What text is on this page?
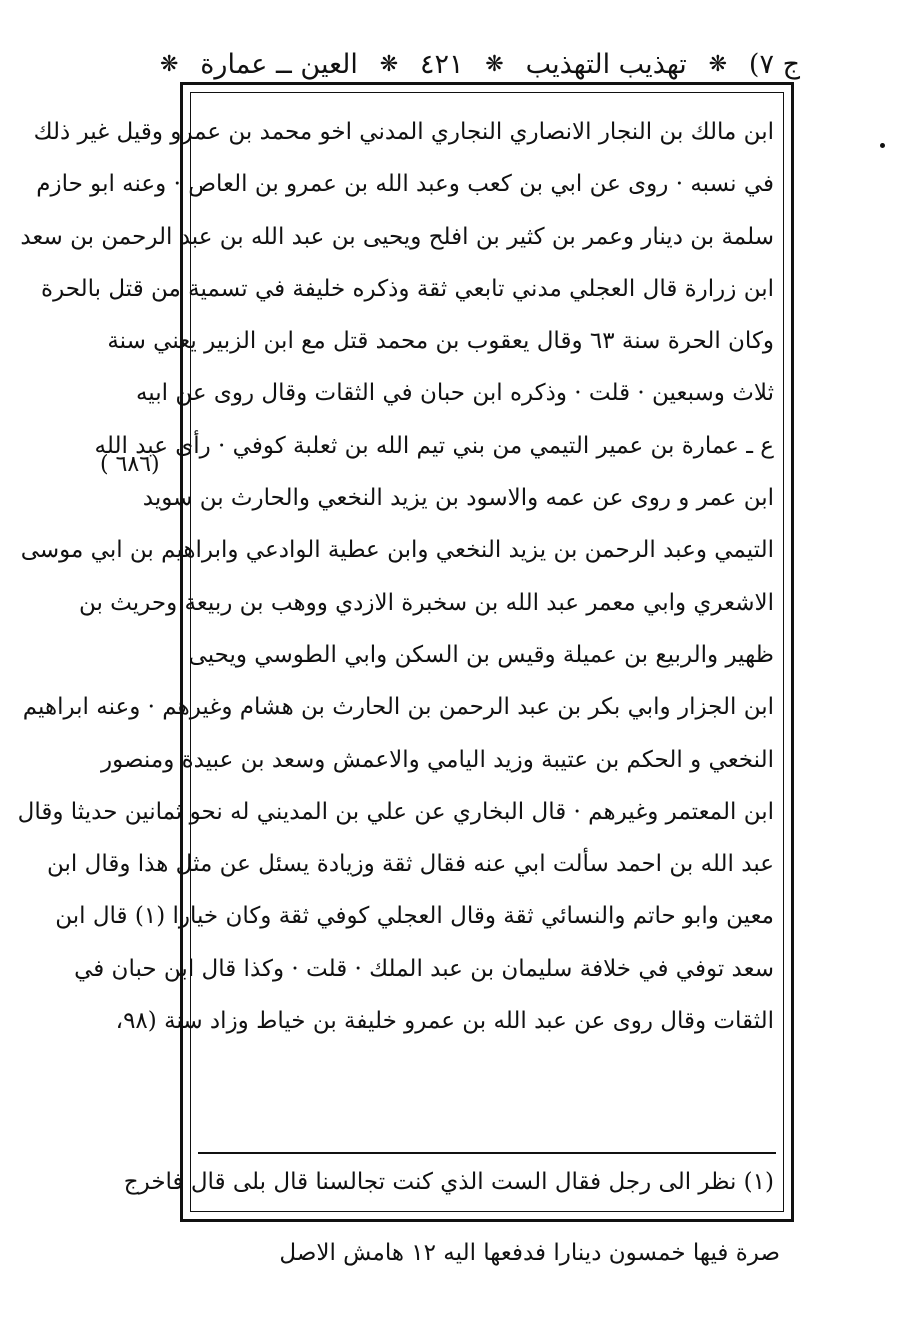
ج ٧)
❋
تهذيب التهذيب
❋
٤٢١
❋
العين ــ عمارة
❋
(٦٨٦ )
ابن مالك بن النجار الانصاري النجاري المدني اخو محمد بن عمرو وقيل غير ذلك
في نسبه · روى عن ابي بن كعب وعبد الله بن عمرو بن العاص · وعنه ابو حازم
سلمة بن دينار وعمر بن كثير بن افلح ويحيى بن عبد الله بن عبد الرحمن بن سعد
ابن زرارة قال العجلي مدني تابعي ثقة وذكره خليفة في تسمية من قتل بالحرة
وكان الحرة سنة ٦٣ وقال يعقوب بن محمد قتل مع ابن الزبير يعني سنة
ثلاث وسبعين · قلت · وذكره ابن حبان في الثقات وقال روى عن ابيه
ع ـ عمارة بن عمير التيمي من بني تيم الله بن ثعلبة كوفي · رأى عبد الله
ابن عمر و روى عن عمه والاسود بن يزيد النخعي والحارث بن سويد
التيمي وعبد الرحمن بن يزيد النخعي وابن عطية الوادعي وابراهيم بن ابي موسى
الاشعري وابي معمر عبد الله بن سخبرة الازدي ووهب بن ربيعة وحريث بن
ظهير والربيع بن عميلة وقيس بن السكن وابي الطوسي ويحيى
ابن الجزار وابي بكر بن عبد الرحمن بن الحارث بن هشام وغيرهم · وعنه ابراهيم
النخعي و الحكم بن عتيبة وزيد اليامي والاعمش وسعد بن عبيدة ومنصور
ابن المعتمر وغيرهم · قال البخاري عن علي بن المديني له نحو ثمانين حديثا وقال
عبد الله بن احمد سألت ابي عنه فقال ثقة وزيادة يسئل عن مثل هذا وقال ابن
معين وابو حاتم والنسائي ثقة وقال العجلي كوفي ثقة وكان خيارا (١) قال ابن
سعد توفي في خلافة سليمان بن عبد الملك · قلت · وكذا قال ابن حبان في
الثقات وقال روى عن عبد الله بن عمرو خليفة بن خياط وزاد سنة (٩٨،
(١) نظر الى رجل فقال الست الذي كنت تجالسنا قال بلى قال فاخرج
صرة فيها خمسون دينارا فدفعها اليه ١٢ هامش الاصل
